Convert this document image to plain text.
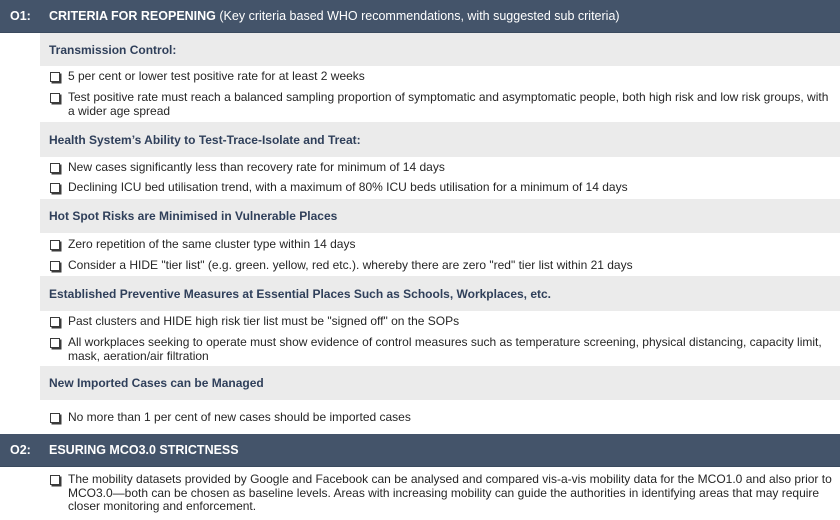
O1: CRITERIA FOR REOPENING (Key criteria based WHO recommendations, with suggested sub criteria)
Transmission Control:
5 per cent or lower test positive rate for at least 2 weeks
Test positive rate must reach a balanced sampling proportion of symptomatic and asymptomatic people, both high risk and low risk groups, with a wider age spread
Health System’s Ability to Test-Trace-Isolate and Treat:
New cases significantly less than recovery rate for minimum of 14 days
Declining ICU bed utilisation trend, with a maximum of 80% ICU beds utilisation for a minimum of 14 days
Hot Spot Risks are Minimised in Vulnerable Places
Zero repetition of the same cluster type within 14 days
Consider a HIDE "tier list" (e.g. green. yellow, red etc.). whereby there are zero "red" tier list within 21 days
Established Preventive Measures at Essential Places Such as Schools, Workplaces, etc.
Past clusters and HIDE high risk tier list must be "signed off" on the SOPs
All workplaces seeking to operate must show evidence of control measures such as temperature screening, physical distancing, capacity limit, mask, aeration/air filtration
New Imported Cases can be Managed
No more than 1 per cent of new cases should be imported cases
O2: ESURING MCO3.0 STRICTNESS
The mobility datasets provided by Google and Facebook can be analysed and compared vis-a-vis mobility data for the MCO1.0 and also prior to MCO3.0—both can be chosen as baseline levels. Areas with increasing mobility can guide the authorities in identifying areas that may require closer monitoring and enforcement.
